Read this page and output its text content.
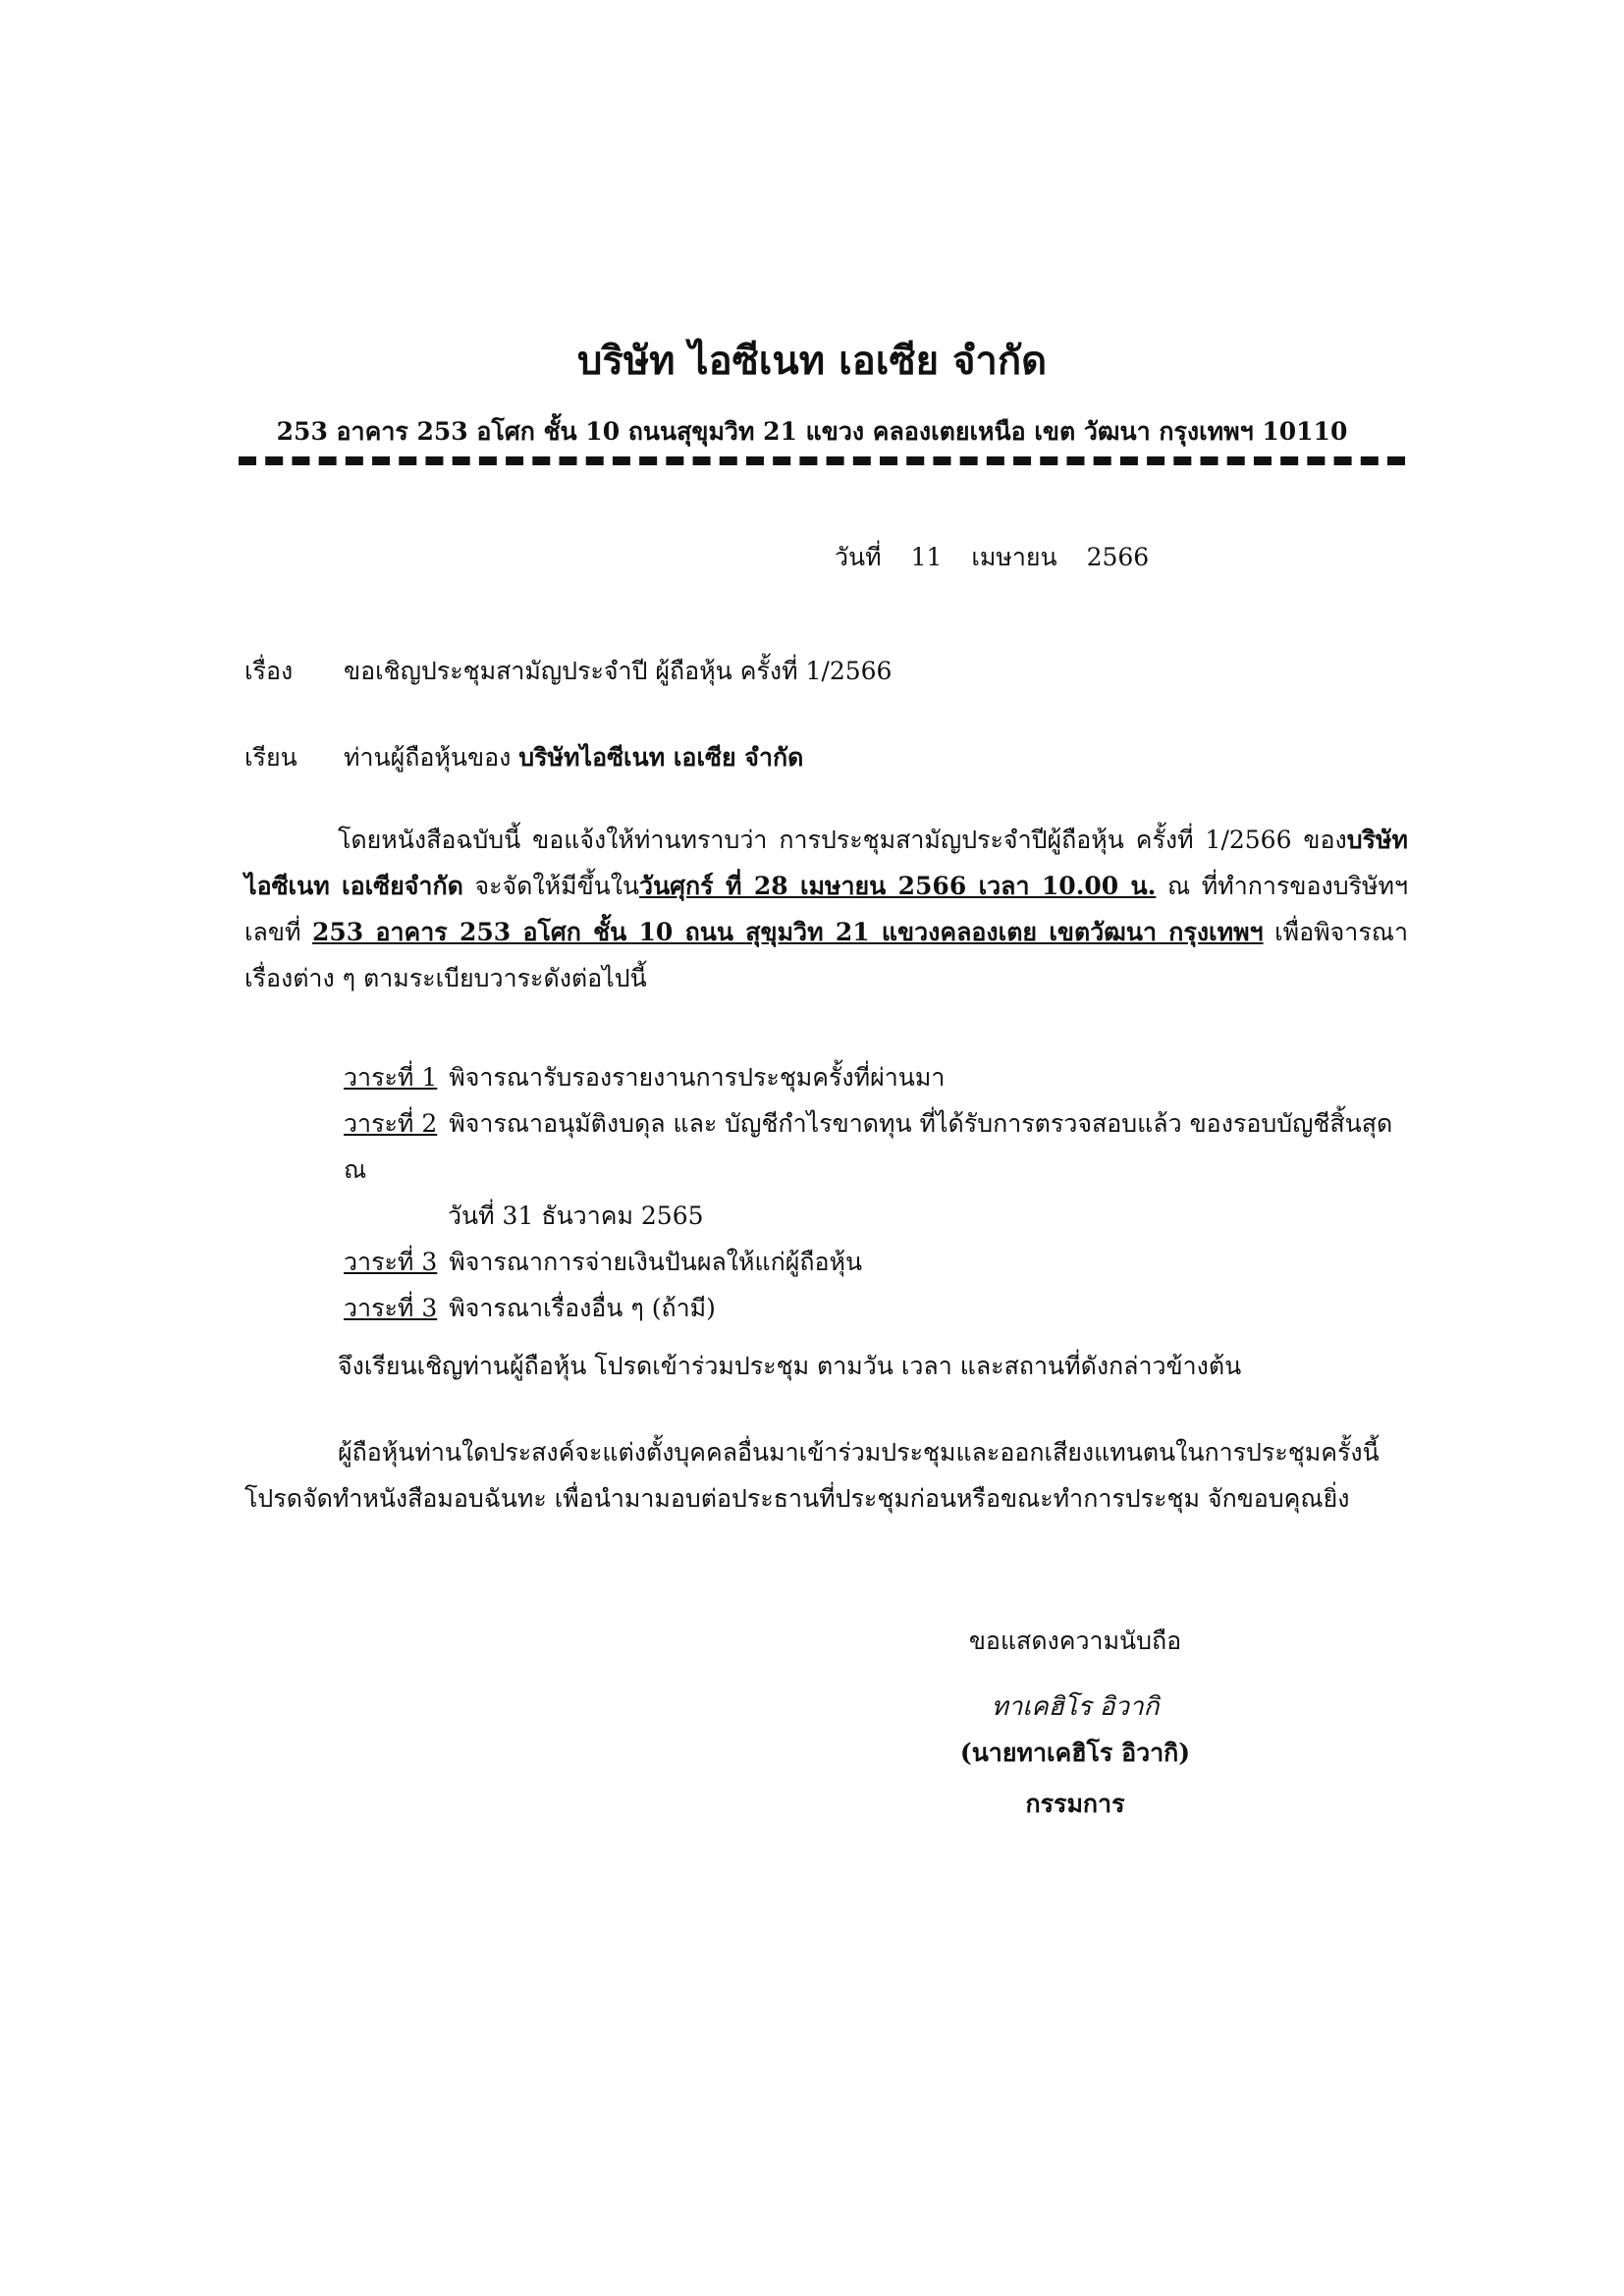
บริษัท ไอซีเนท เอเซีย จำกัด
253 อาคาร 253 อโศก ชั้น 10 ถนนสุขุมวิท 21 แขวง คลองเตยเหนือ เขต วัฒนา กรุงเทพฯ 10110
วันที่ 11 เมษายน 2566
เรื่อง ขอเชิญประชุมสามัญประจำปี ผู้ถือหุ้น ครั้งที่ 1/2566
เรียน ท่านผู้ถือหุ้นของ บริษัทไอซีเนท เอเซีย จำกัด
โดยหนังสือฉบับนี้ ขอแจ้งให้ท่านทราบว่า การประชุมสามัญประจำปีผู้ถือหุ้น ครั้งที่ 1/2566 ของบริษัท ไอซีเนท เอเซียจำกัด จะจัดให้มีขึ้นในวันศุกร์ ที่ 28 เมษายน 2566 เวลา 10.00 น. ณ ที่ทำการของบริษัทฯ เลขที่ 253 อาคาร 253 อโศก ชั้น 10 ถนน สุขุมวิท 21 แขวงคลองเตย เขตวัฒนา กรุงเทพฯ เพื่อพิจารณาเรื่องต่าง ๆ ตามระเบียบวาระดังต่อไปนี้
วาระที่ 1 พิจารณารับรองรายงานการประชุมครั้งที่ผ่านมา
วาระที่ 2 พิจารณาอนุมัติงบดุล และ บัญชีกำไรขาดทุน ที่ได้รับการตรวจสอบแล้ว ของรอบบัญชีสิ้นสุด ณ
วันที่ 31 ธันวาคม 2565
วาระที่ 3 พิจารณาการจ่ายเงินปันผลให้แก่ผู้ถือหุ้น
วาระที่ 3 พิจารณาเรื่องอื่น ๆ (ถ้ามี)
จึงเรียนเชิญท่านผู้ถือหุ้น โปรดเข้าร่วมประชุม ตามวัน เวลา และสถานที่ดังกล่าวข้างต้น
ผู้ถือหุ้นท่านใดประสงค์จะแต่งตั้งบุคคลอื่นมาเข้าร่วมประชุมและออกเสียงแทนตนในการประชุมครั้งนี้ โปรดจัดทำหนังสือมอบฉันทะ เพื่อนำมามอบต่อประธานที่ประชุมก่อนหรือขณะทำการประชุม จักขอบคุณยิ่ง
ขอแสดงความนับถือ
ทาเคฮิโร อิวากิ
(นายทาเคฮิโร อิวากิ)
กรรมการ
